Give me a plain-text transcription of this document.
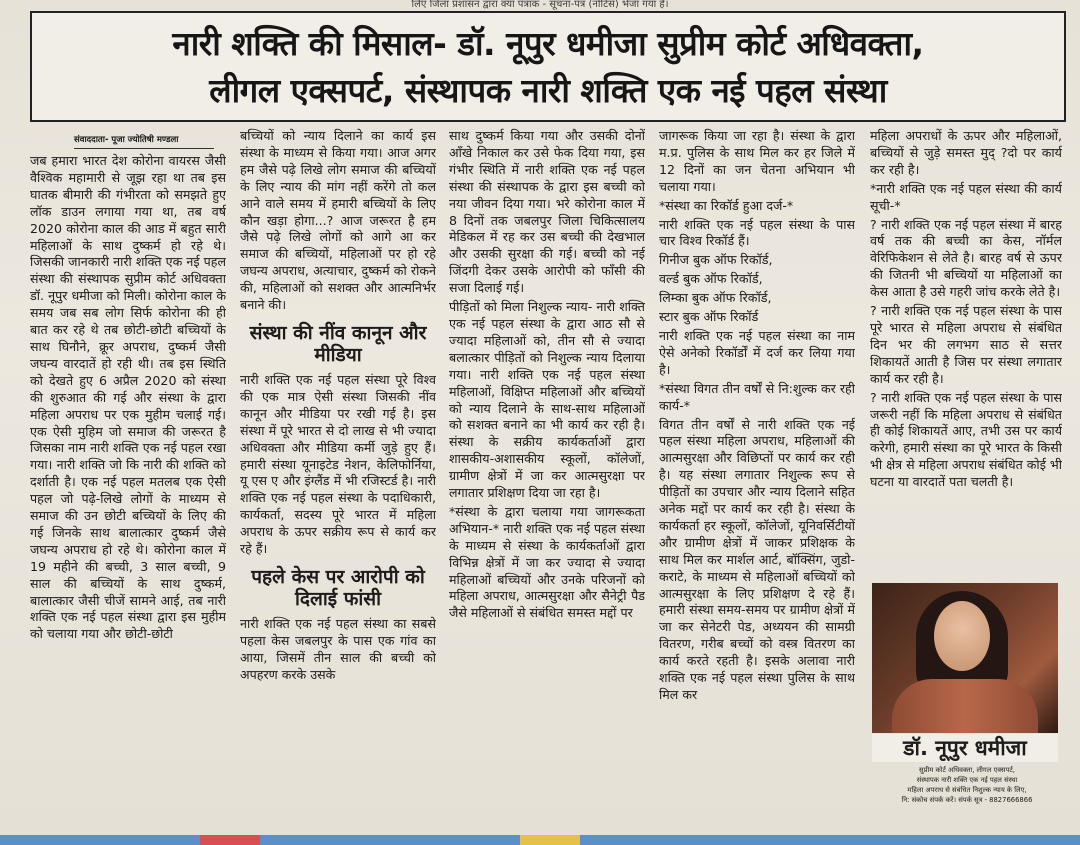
लिए जिला प्रशासन द्वारा क्या पत्रांक - सूचना-पत्र (नोटिस) भेजा गया है।
नारी शक्ति की मिसाल- डॉ. नूपुर धमीजा सुप्रीम कोर्ट अधिवक्ता,
लीगल एक्सपर्ट, संस्थापक नारी शक्ति एक नई पहल संस्था
संवाददाता- पूजा ज्योतिषी मण्डला

जब हमारा भारत देश कोरोना वायरस जैसी वैश्विक महामारी से जूझ रहा था तब इस घातक बीमारी की गंभीरता को समझते हुए लॉक डाउन लगाया गया था, तब वर्ष 2020 कोरोना काल की आड में बहुत सारी महिलाओं के साथ दुष्कर्म हो रहे थे। जिसकी जानकारी नारी शक्ति एक नई पहल संस्था की संस्थापक सुप्रीम कोर्ट अधिवक्ता डॉ. नूपुर धमीजा को मिली। कोरोना काल के समय जब सब लोग सिर्फ कोरोना की ही बात कर रहे थे तब छोटी-छोटी बच्चियों के साथ घिनौने, क्रूर अपराध, दुष्कर्म जैसी जघन्य वारदातें हो रही थी। तब इस स्थिति को देखते हुए 6 अप्रैल 2020 को संस्था की शुरुआत की गई और संस्था के द्वारा महिला अपराध पर एक मुहीम चलाई गई। एक ऐसी मुहिम जो समाज की जरूरत है जिसका नाम नारी शक्ति एक नई पहल रखा गया। नारी शक्ति जो कि नारी की शक्ति को दर्शाती है। एक नई पहल मतलब एक ऐसी पहल जो पढ़े-लिखे लोगों के माध्यम से समाज की उन छोटी बच्चियों के लिए की गई जिनके साथ बालात्कार दुष्कर्म जैसे जघन्य अपराध हो रहे थे। कोरोना काल में 19 महीने की बच्ची, 3 साल बच्ची, 9 साल की बच्चियों के साथ दुष्कर्म, बालात्कार जैसी चीजें सामने आई, तब नारी शक्ति एक नई पहल संस्था द्वारा इस मुहीम को चलाया गया और छोटी-छोटी

बच्चियों को न्याय दिलाने का कार्य इस संस्था के माध्यम से किया गया। आज अगर हम जैसे पढ़े लिखे लोग समाज की बच्चियों के लिए न्याय की मांग नहीं करेंगे तो कल आने वाले समय में हमारी बच्चियों के लिए कौन खड़ा होगा...? आज जरूरत है हम जैसे पढ़े लिखे लोगों को आगे आ कर समाज की बच्चियों, महिलाओं पर हो रहे जघन्य अपराध, अत्याचार, दुष्कर्म को रोकने की, महिलाओं को सशक्त और आत्मनिर्भर बनाने की।

संस्था की नींव कानून और मीडिया

नारी शक्ति एक नई पहल संस्था पूरे विश्व की एक मात्र ऐसी संस्था जिसकी नींव कानून और मीडिया पर रखी गई है। इस संस्था में पूरे भारत से दो लाख से भी ज्यादा अधिवक्ता और मीडिया कर्मी जुड़े हुए हैं। हमारी संस्था यूनाइटेड नेशन, केलिफोर्निया, यू एस ए और इंग्लैंड में भी रजिस्टर्ड है। नारी शक्ति एक नई पहल संस्था के पदाधिकारी, कार्यकर्ता, सदस्य पूरे भारत में महिला अपराध के ऊपर सक्रीय रूप से कार्य कर रहे हैं।

पहले केस पर आरोपी को दिलाई फांसी

नारी शक्ति एक नई पहल संस्था का सबसे पहला केस जबलपुर के पास एक गांव का आया, जिसमें तीन साल की बच्ची को अपहरण करके उसके

साथ दुष्कर्म किया गया और उसकी दोनों आँखे निकाल कर उसे फेक दिया गया, इस गंभीर स्थिति में नारी शक्ति एक नई पहल संस्था की संस्थापक के द्वारा इस बच्ची को नया जीवन दिया गया। भरे कोरोना काल में 8 दिनों तक जबलपुर जिला चिकित्सालय मेडिकल में रह कर उस बच्ची की देखभाल और उसकी सुरक्षा की गई। बच्ची को नई जिंदगी देकर उसके आरोपी को फाँसी की सजा दिलाई गई।

पीड़ितों को मिला निशुल्क न्याय- नारी शक्ति एक नई पहल संस्था के द्वारा आठ सौ से ज्यादा महिलाओं को, तीन सौ से ज्यादा बलात्कार पीड़ितों को निशुल्क न्याय दिलाया गया। नारी शक्ति एक नई पहल संस्था महिलाओं, विक्षिप्त महिलाओं और बच्चियों को न्याय दिलाने के साथ-साथ महिलाओं को सशक्त बनाने का भी कार्य कर रही है। संस्था के सक्रीय कार्यकर्ताओं द्वारा शासकीय-अशासकीय स्कूलों, कॉलेजों, ग्रामीण क्षेत्रों में जा कर आत्मसुरक्षा पर लगातार प्रशिक्षण दिया जा रहा है।

*संस्था के द्वारा चलाया गया जागरूकता अभियान-* नारी शक्ति एक नई पहल संस्था के माध्यम से संस्था के कार्यकर्ताओं द्वारा विभिन्न क्षेत्रों में जा कर ज्यादा से ज्यादा महिलाओं बच्चियों और उनके परिजनों को महिला अपराध, आत्मसुरक्षा और सैनेट्री पैड जैसे महिलाओं से संबंधित समस्त मद्दों पर

जागरूक किया जा रहा है। संस्था के द्वारा म.प्र. पुलिस के साथ मिल कर हर जिले में 12 दिनों का जन चेतना अभियान भी चलाया गया।

*संस्था का रिकॉर्ड हुआ दर्ज-*

नारी शक्ति एक नई पहल संस्था के पास चार विश्व रिकॉर्ड हैं।

गिनीज बुक ऑफ रिकॉर्ड,

वर्ल्ड बुक ऑफ रिकॉर्ड,

लिम्का बुक ऑफ रिकॉर्ड,

स्टार बुक ऑफ रिकॉर्ड

नारी शक्ति एक नई पहल संस्था का नाम ऐसे अनेको रिकॉर्डों में दर्ज कर लिया गया है।

*संस्था विगत तीन वर्षों से नि:शुल्क कर रही कार्य-*

विगत तीन वर्षों से नारी शक्ति एक नई पहल संस्था महिला अपराध, महिलाओं की आत्मसुरक्षा और विछिप्तों पर कार्य कर रही है। यह संस्था लगातार निशुल्क रूप से पीड़ितों का उपचार और न्याय दिलाने सहित अनेक मद्दों पर कार्य कर रही है। संस्था के कार्यकर्ता हर स्कूलों, कॉलेजों, यूनिवर्सिटीयों और ग्रामीण क्षेत्रों में जाकर प्रशिक्षक के साथ मिल कर मार्शल आर्ट, बॉक्सिंग, जुडो-कराटे, के माध्यम से महिलाओं बच्चियों को आत्मसुरक्षा के लिए प्रशिक्षण दे रहे हैं। हमारी संस्था समय-समय पर ग्रामीण क्षेत्रों में जा कर सेनेटरी पेड, अध्ययन की सामग्री वितरण, गरीब बच्चों को वस्त्र वितरण का कार्य करते रहती है। इसके अलावा नारी शक्ति एक नई पहल संस्था पुलिस के साथ मिल कर

महिला अपराधों के ऊपर और महिलाओं, बच्चियों से जुड़े समस्त मुद् ?दो पर कार्य कर रही है।

*नारी शक्ति एक नई पहल संस्था की कार्य सूची-*

? नारी शक्ति एक नई पहल संस्था में बारह वर्ष तक की बच्ची का केस, नॉर्मल वेरिफिकेशन से लेते है। बारह वर्ष से ऊपर की जितनी भी बच्चियों या महिलाओं का केस आता है उसे गहरी जांच करके लेते है।

? नारी शक्ति एक नई पहल संस्था के पास पूरे भारत से महिला अपराध से संबंधित दिन भर की लगभग साठ से सत्तर शिकायतें आती है जिस पर संस्था लगातार कार्य कर रही है।

? नारी शक्ति एक नई पहल संस्था के पास जरूरी नहीं कि महिला अपराध से संबंधित ही कोई शिकायतें आए, तभी उस पर कार्य करेगी, हमारी संस्था का पूरे भारत के किसी भी क्षेत्र से महिला अपराध संबंधित कोई भी घटना या वारदातें पता चलती है।

डॉ. नूपुर धमीजा
सुप्रीम कोर्ट अधिवक्ता, लीगल एक्सपर्ट,
संस्थापक नारी शक्ति एक नई पहल संस्था
महिला अपराध से संबंधित निशुल्क न्याय के लिए,
नि: संकोच संपर्क करें। संपर्क सूत्र - 8827666866
